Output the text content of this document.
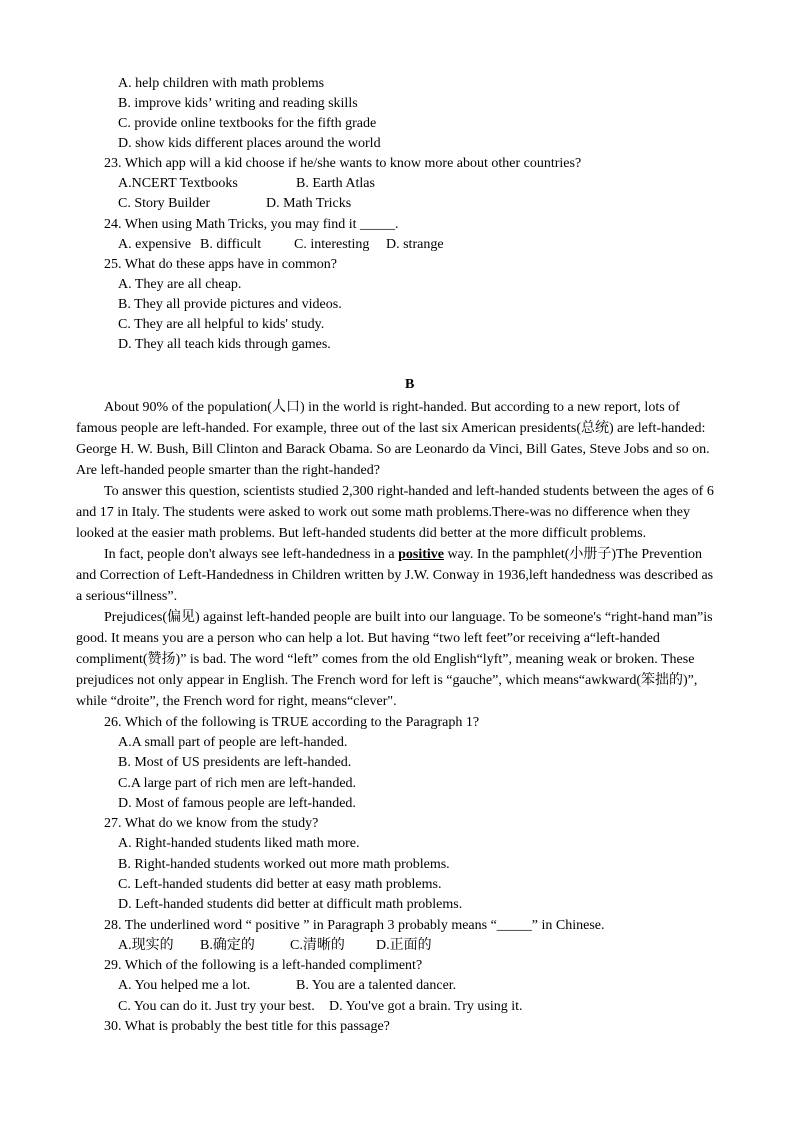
A. help children with math problems
B. improve kids’ writing and reading skills
C. provide online textbooks for the fifth grade
D. show kids different places around the world
23. Which app will a kid choose if he/she wants to know more about other countries?
A.NCERT Textbooks	B. Earth Atlas
C. Story Builder	D. Math Tricks
24. When using Math Tricks, you may find it _____.
A. expensive B. difficult C. interesting D. strange
25. What do these apps have in common?
A. They are all cheap.
B. They all provide pictures and videos.
C. They are all helpful to kids' study.
D. They all teach kids through games.
B
About 90% of the population(人口) in the world is right-handed. But according to a new report, lots of
famous people are left-handed. For example, three out of the last six American presidents(总统) are left-handed:
George H. W. Bush, Bill Clinton and Barack Obama. So are Leonardo da Vinci, Bill Gates, Steve Jobs and so on.
Are left-handed people smarter than the right-handed?
To answer this question, scientists studied 2,300 right-handed and left-handed students between the ages of 6
and 17 in Italy. The students were asked to work out some math problems.There-was no difference when they
looked at the easier math problems. But left-handed students did better at the more difficult problems.
In fact, people don't always see left-handedness in a positive way. In the pamphlet(小册子)The Prevention
and Correction of Left-Handedness in Children written by J.W. Conway in 1936,left handedness was described as
a serious“illness”.
Prejudices(偏见) against left-handed people are built into our language. To be someone's “right-hand man”is
good. It means you are a person who can help a lot. But having “two left feet”or receiving a“left-handed
compliment(赞扬)” is bad. The word “left” comes from the old English“lyft”, meaning weak or broken. These
prejudices not only appear in English. The French word for left is “gauche”, which means“awkward(笨拙的)”,
while “droite”, the French word for right, means“clever".
26. Which of the following is TRUE according to the Paragraph 1?
A.A small part of people are left-handed.
B. Most of US presidents are left-handed.
C.A large part of rich men are left-handed.
D. Most of famous people are left-handed.
27. What do we know from the study?
A. Right-handed students liked math more.
B. Right-handed students worked out more math problems.
C. Left-handed students did better at easy math problems.
D. Left-handed students did better at difficult math problems.
28. The underlined word “ positive ” in Paragraph 3 probably means “_____” in Chinese.
A.现实的 B.确定的	C.清晰的 D.正面的
29. Which of the following is a left-handed compliment?
A. You helped me a lot.	B. You are a talented dancer.
C. You can do it. Just try your best. D. You've got a brain. Try using it.
30. What is probably the best title for this passage?
